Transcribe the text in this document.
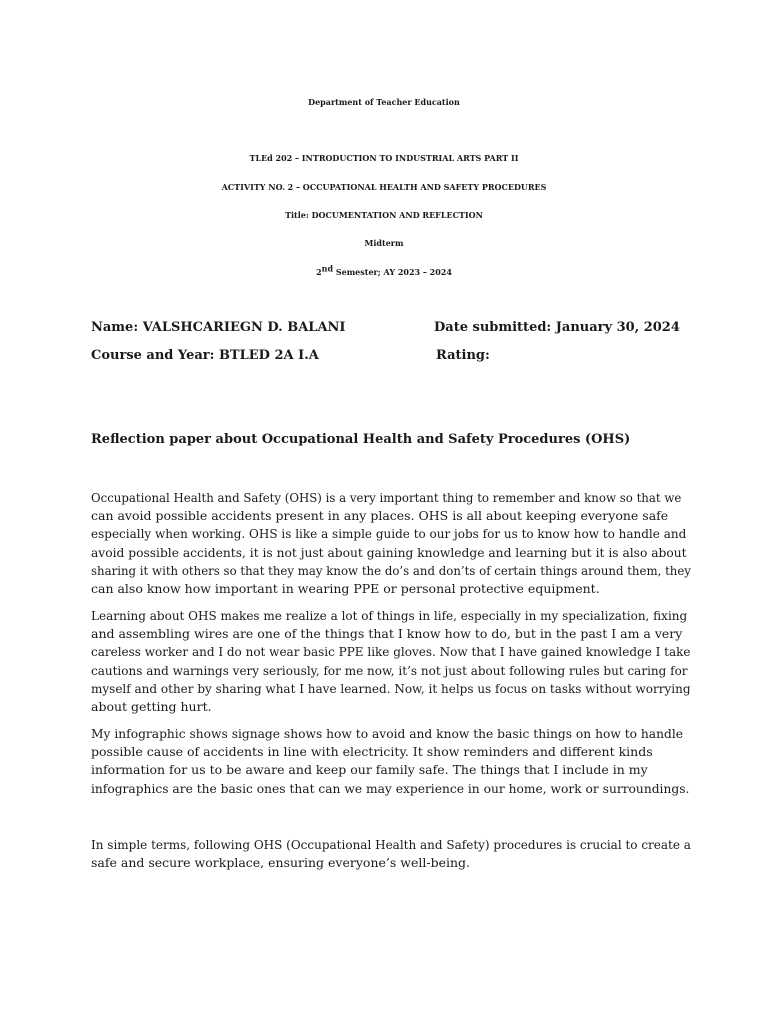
Department of Teacher Education
TLEd 202 – INTRODUCTION TO INDUSTRIAL ARTS PART II
ACTIVITY NO. 2 – OCCUPATIONAL HEALTH AND SAFETY PROCEDURES
Title: DOCUMENTATION AND REFLECTION
Midterm
2nd Semester; AY 2023 – 2024
Name: VALSHCARIEGN D. BALANI	Date submitted: January 30, 2024
Course and Year: BTLED 2A I.A	Rating:
Reflection paper about Occupational Health and Safety Procedures (OHS)
Occupational Health and Safety (OHS) is a very important thing to remember and know so that we
can avoid possible accidents present in any places. OHS is all about keeping everyone safe
especially when working. OHS is like a simple guide to our jobs for us to know how to handle and
avoid possible accidents, it is not just about gaining knowledge and learning but it is also about
sharing it with others so that they may know the do’s and don’ts of certain things around them, they
can also know how important in wearing PPE or personal protective equipment.
Learning about OHS makes me realize a lot of things in life, especially in my specialization, fixing
and assembling wires are one of the things that I know how to do, but in the past I am a very
careless worker and I do not wear basic PPE like gloves. Now that I have gained knowledge I take
cautions and warnings very seriously, for me now, it’s not just about following rules but caring for
myself and other by sharing what I have learned. Now, it helps us focus on tasks without worrying
about getting hurt.
My infographic shows signage shows how to avoid and know the basic things on how to handle
possible cause of accidents in line with electricity. It show reminders and different kinds
information for us to be aware and keep our family safe. The things that I include in my
infographics are the basic ones that can we may experience in our home, work or surroundings.
In simple terms, following OHS (Occupational Health and Safety) procedures is crucial to create a
safe and secure workplace, ensuring everyone’s well-being.
